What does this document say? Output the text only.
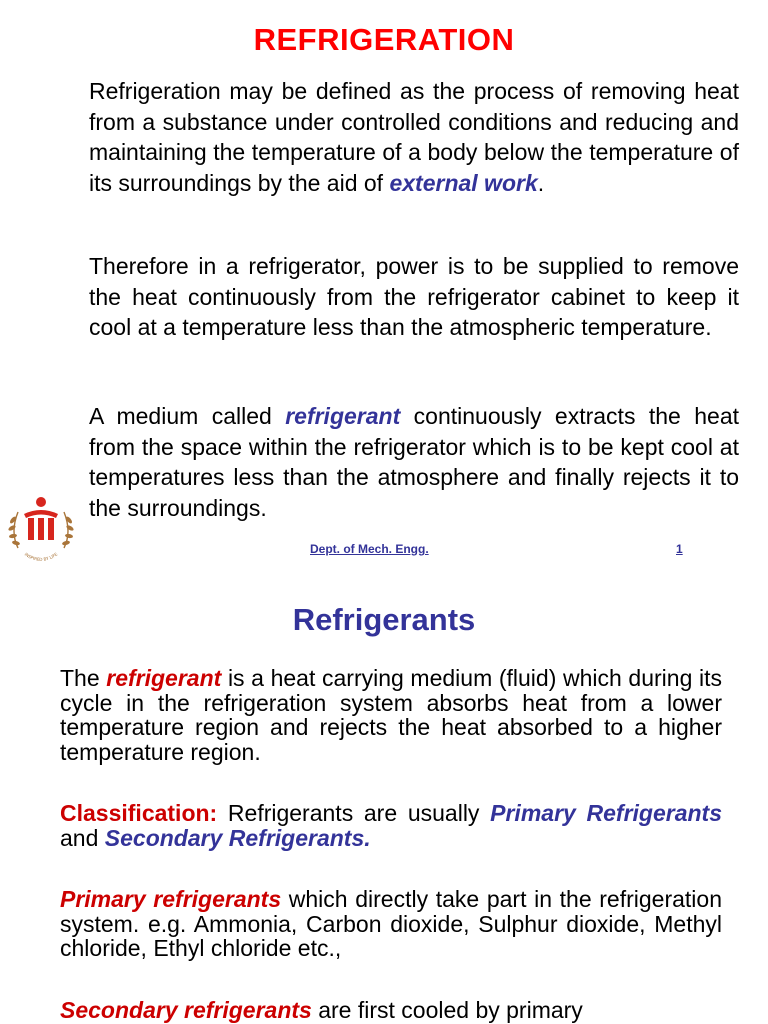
REFRIGERATION

Refrigeration may be defined as the process of removing heat from a substance under controlled conditions and reducing and maintaining the temperature of a body below the temperature of its surroundings by the aid of external work.

Therefore in a refrigerator, power is to be supplied to remove the heat continuously from the refrigerator cabinet to keep it cool at a temperature less than the atmospheric temperature.

A medium called refrigerant continuously extracts the heat from the space within the refrigerator which is to be kept cool at temperatures less than the atmosphere and finally rejects it to the surroundings.

INSPIRED BY LIFE	Dept. of Mech. Engg.	1
Refrigerants

The refrigerant is a heat carrying medium (fluid) which during its cycle in the refrigeration system absorbs heat from a lower temperature region and rejects the heat absorbed to a higher temperature region.

Classification: Refrigerants are usually Primary Refrigerants and Secondary Refrigerants.

Primary refrigerants which directly take part in the refrigeration system. e.g. Ammonia, Carbon dioxide, Sulphur dioxide, Methyl chloride, Ethyl chloride etc.,

Secondary refrigerants are first cooled by primary
